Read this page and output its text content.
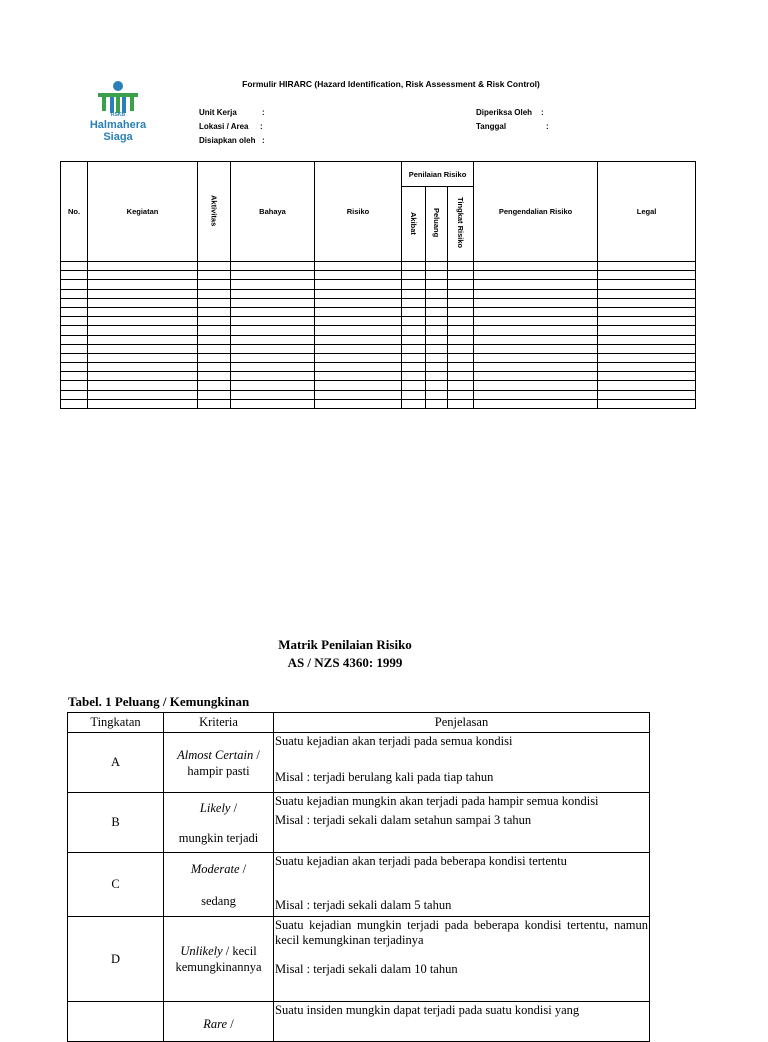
Formulir HIRARC (Hazard Identification, Risk Assessment & Risk Control)
RSKB
Halmahera
Siaga
Unit Kerja	:
Lokasi / Area :
Disiapkan oleh :
Diperiksa Oleh :
Tanggal	:
No.	Kegiatan	Aktivitas	Bahaya	Risiko	Penilaian Risiko			Pengendalian Risiko	Legal
					Akibat	Peluang	Tingkat Risiko		

Matrik Penilaian Risiko
AS / NZS 4360: 1999
Tabel. 1 Peluang / Kemungkinan
Tingkatan	Kriteria	Penjelasan
A	Almost Certain /
hampir pasti	Suatu kejadian akan terjadi pada semua kondisi
Misal : terjadi berulang kali pada tiap tahun
B	Likely /

mungkin terjadi	Suatu kejadian mungkin akan terjadi pada hampir semua kondisi
Misal : terjadi sekali dalam setahun sampai 3 tahun
C	Moderate /

sedang	Suatu kejadian akan terjadi pada beberapa kondisi tertentu
Misal : terjadi sekali dalam 5 tahun
D	Unlikely / kecil
kemungkinannya	Suatu kejadian mungkin terjadi pada beberapa kondisi tertentu, namun kecil kemungkinan terjadinya
Misal : terjadi sekali dalam 10 tahun

	Rare /	Suatu insiden mungkin dapat terjadi pada suatu kondisi yang
